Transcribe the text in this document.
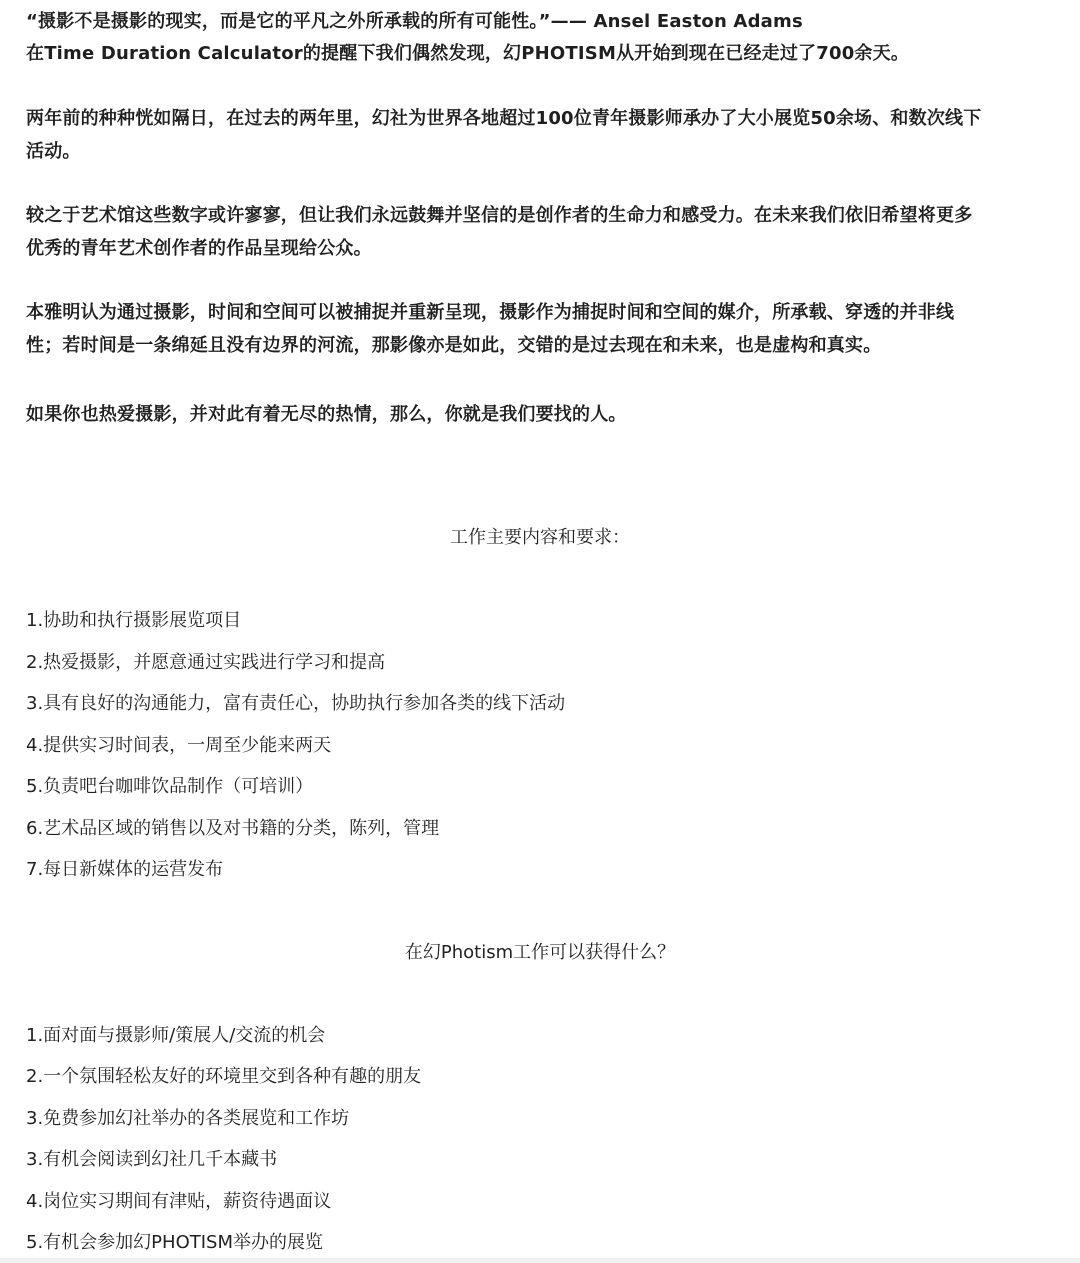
“摄影不是摄影的现实，而是它的平凡之外所承载的所有可能性。”—— Ansel Easton Adams
在Time Duration Calculator的提醒下我们偶然发现，幻PHOTISM从开始到现在已经走过了700余天。
两年前的种种恍如隔日，在过去的两年里，幻社为世界各地超过100位青年摄影师承办了大小展览50余场、和数次线下
活动。
较之于艺术馆这些数字或许寥寥，但让我们永远鼓舞并坚信的是创作者的生命力和感受力。在未来我们依旧希望将更多
优秀的青年艺术创作者的作品呈现给公众。
本雅明认为通过摄影，时间和空间可以被捕捉并重新呈现，摄影作为捕捉时间和空间的媒介，所承载、穿透的并非线
性；若时间是一条绵延且没有边界的河流，那影像亦是如此，交错的是过去现在和未来，也是虚构和真实。
如果你也热爱摄影，并对此有着无尽的热情，那么，你就是我们要找的人。
工作主要内容和要求：
1.协助和执行摄影展览项目
2.热爱摄影，并愿意通过实践进行学习和提高
3.具有良好的沟通能力，富有责任心，协助执行参加各类的线下活动
4.提供实习时间表，一周至少能来两天
5.负责吧台咖啡饮品制作（可培训）
6.艺术品区域的销售以及对书籍的分类，陈列，管理
7.每日新媒体的运营发布
在幻Photism工作可以获得什么？
1.面对面与摄影师/策展人/交流的机会
2.一个氛围轻松友好的环境里交到各种有趣的朋友
3.免费参加幻社举办的各类展览和工作坊
3.有机会阅读到幻社几千本藏书
4.岗位实习期间有津贴，薪资待遇面议
5.有机会参加幻PHOTISM举办的展览
